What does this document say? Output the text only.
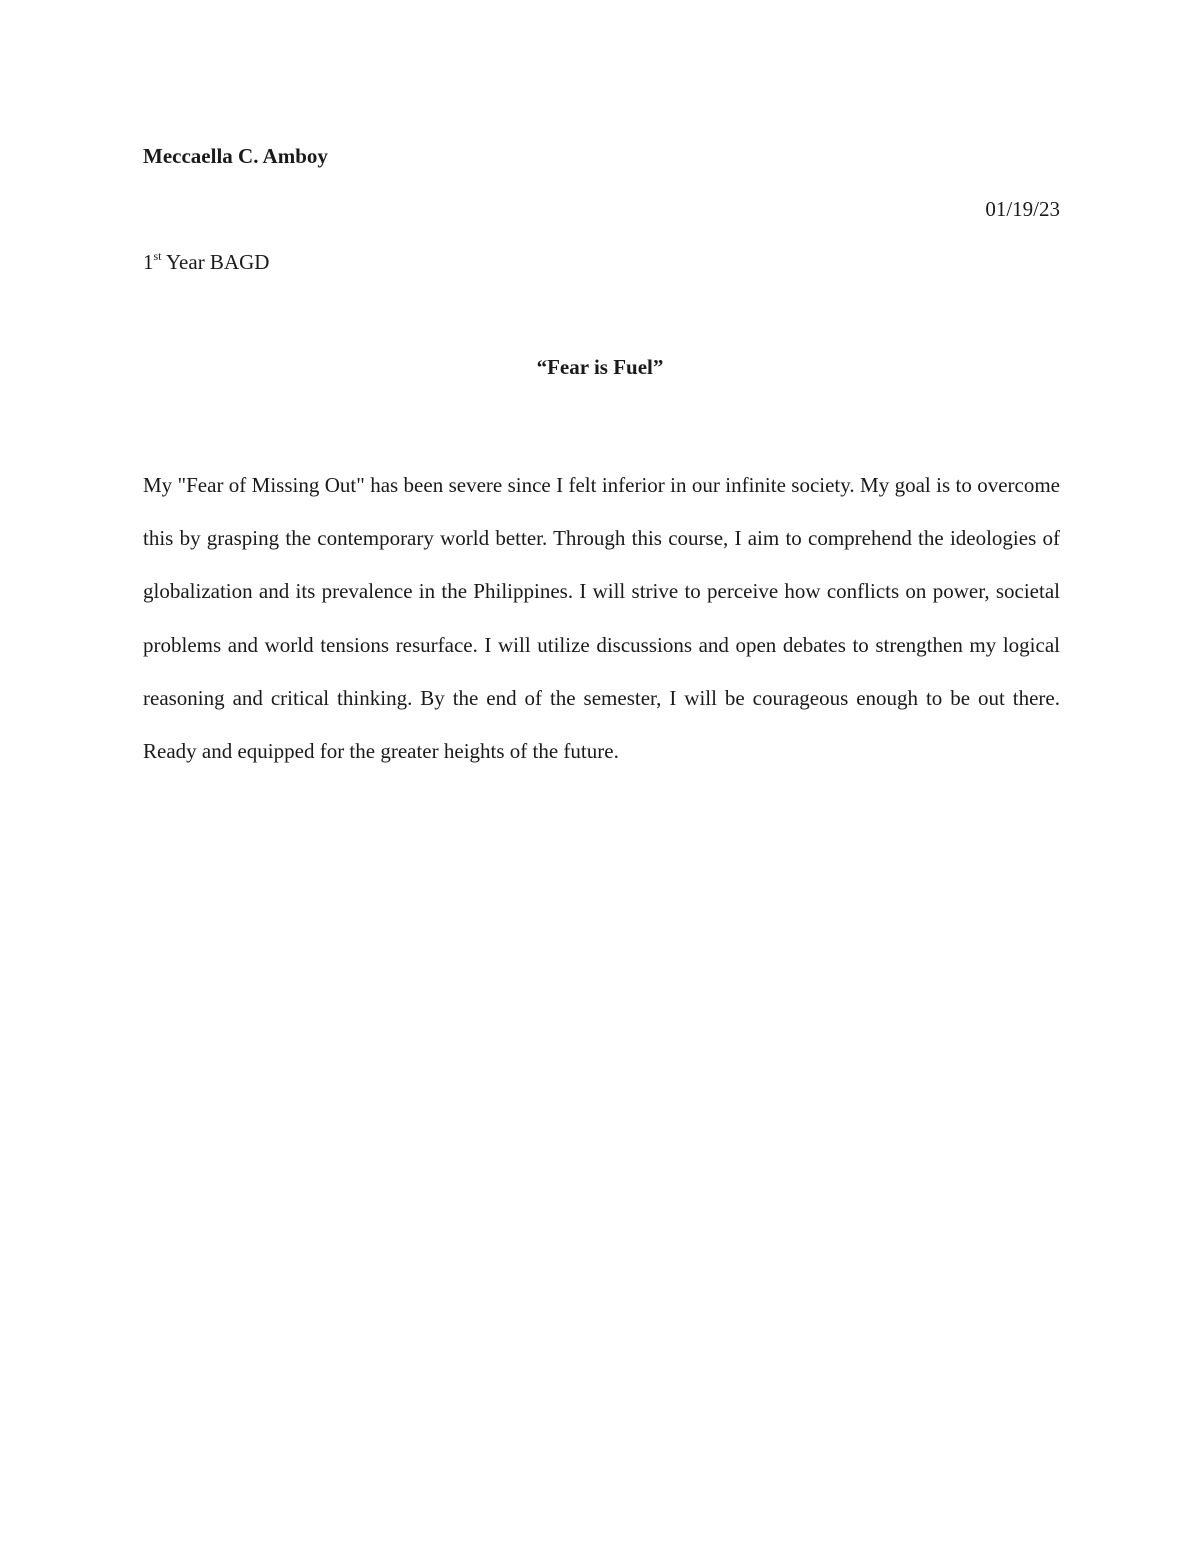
Meccaella C. Amboy

01/19/23

1st Year BAGD

“Fear is Fuel”

My "Fear of Missing Out" has been severe since I felt inferior in our infinite society. My goal is to overcome this by grasping the contemporary world better. Through this course, I aim to comprehend the ideologies of globalization and its prevalence in the Philippines. I will strive to perceive how conflicts on power, societal problems and world tensions resurface. I will utilize discussions and open debates to strengthen my logical reasoning and critical thinking. By the end of the semester, I will be courageous enough to be out there. Ready and equipped for the greater heights of the future.
